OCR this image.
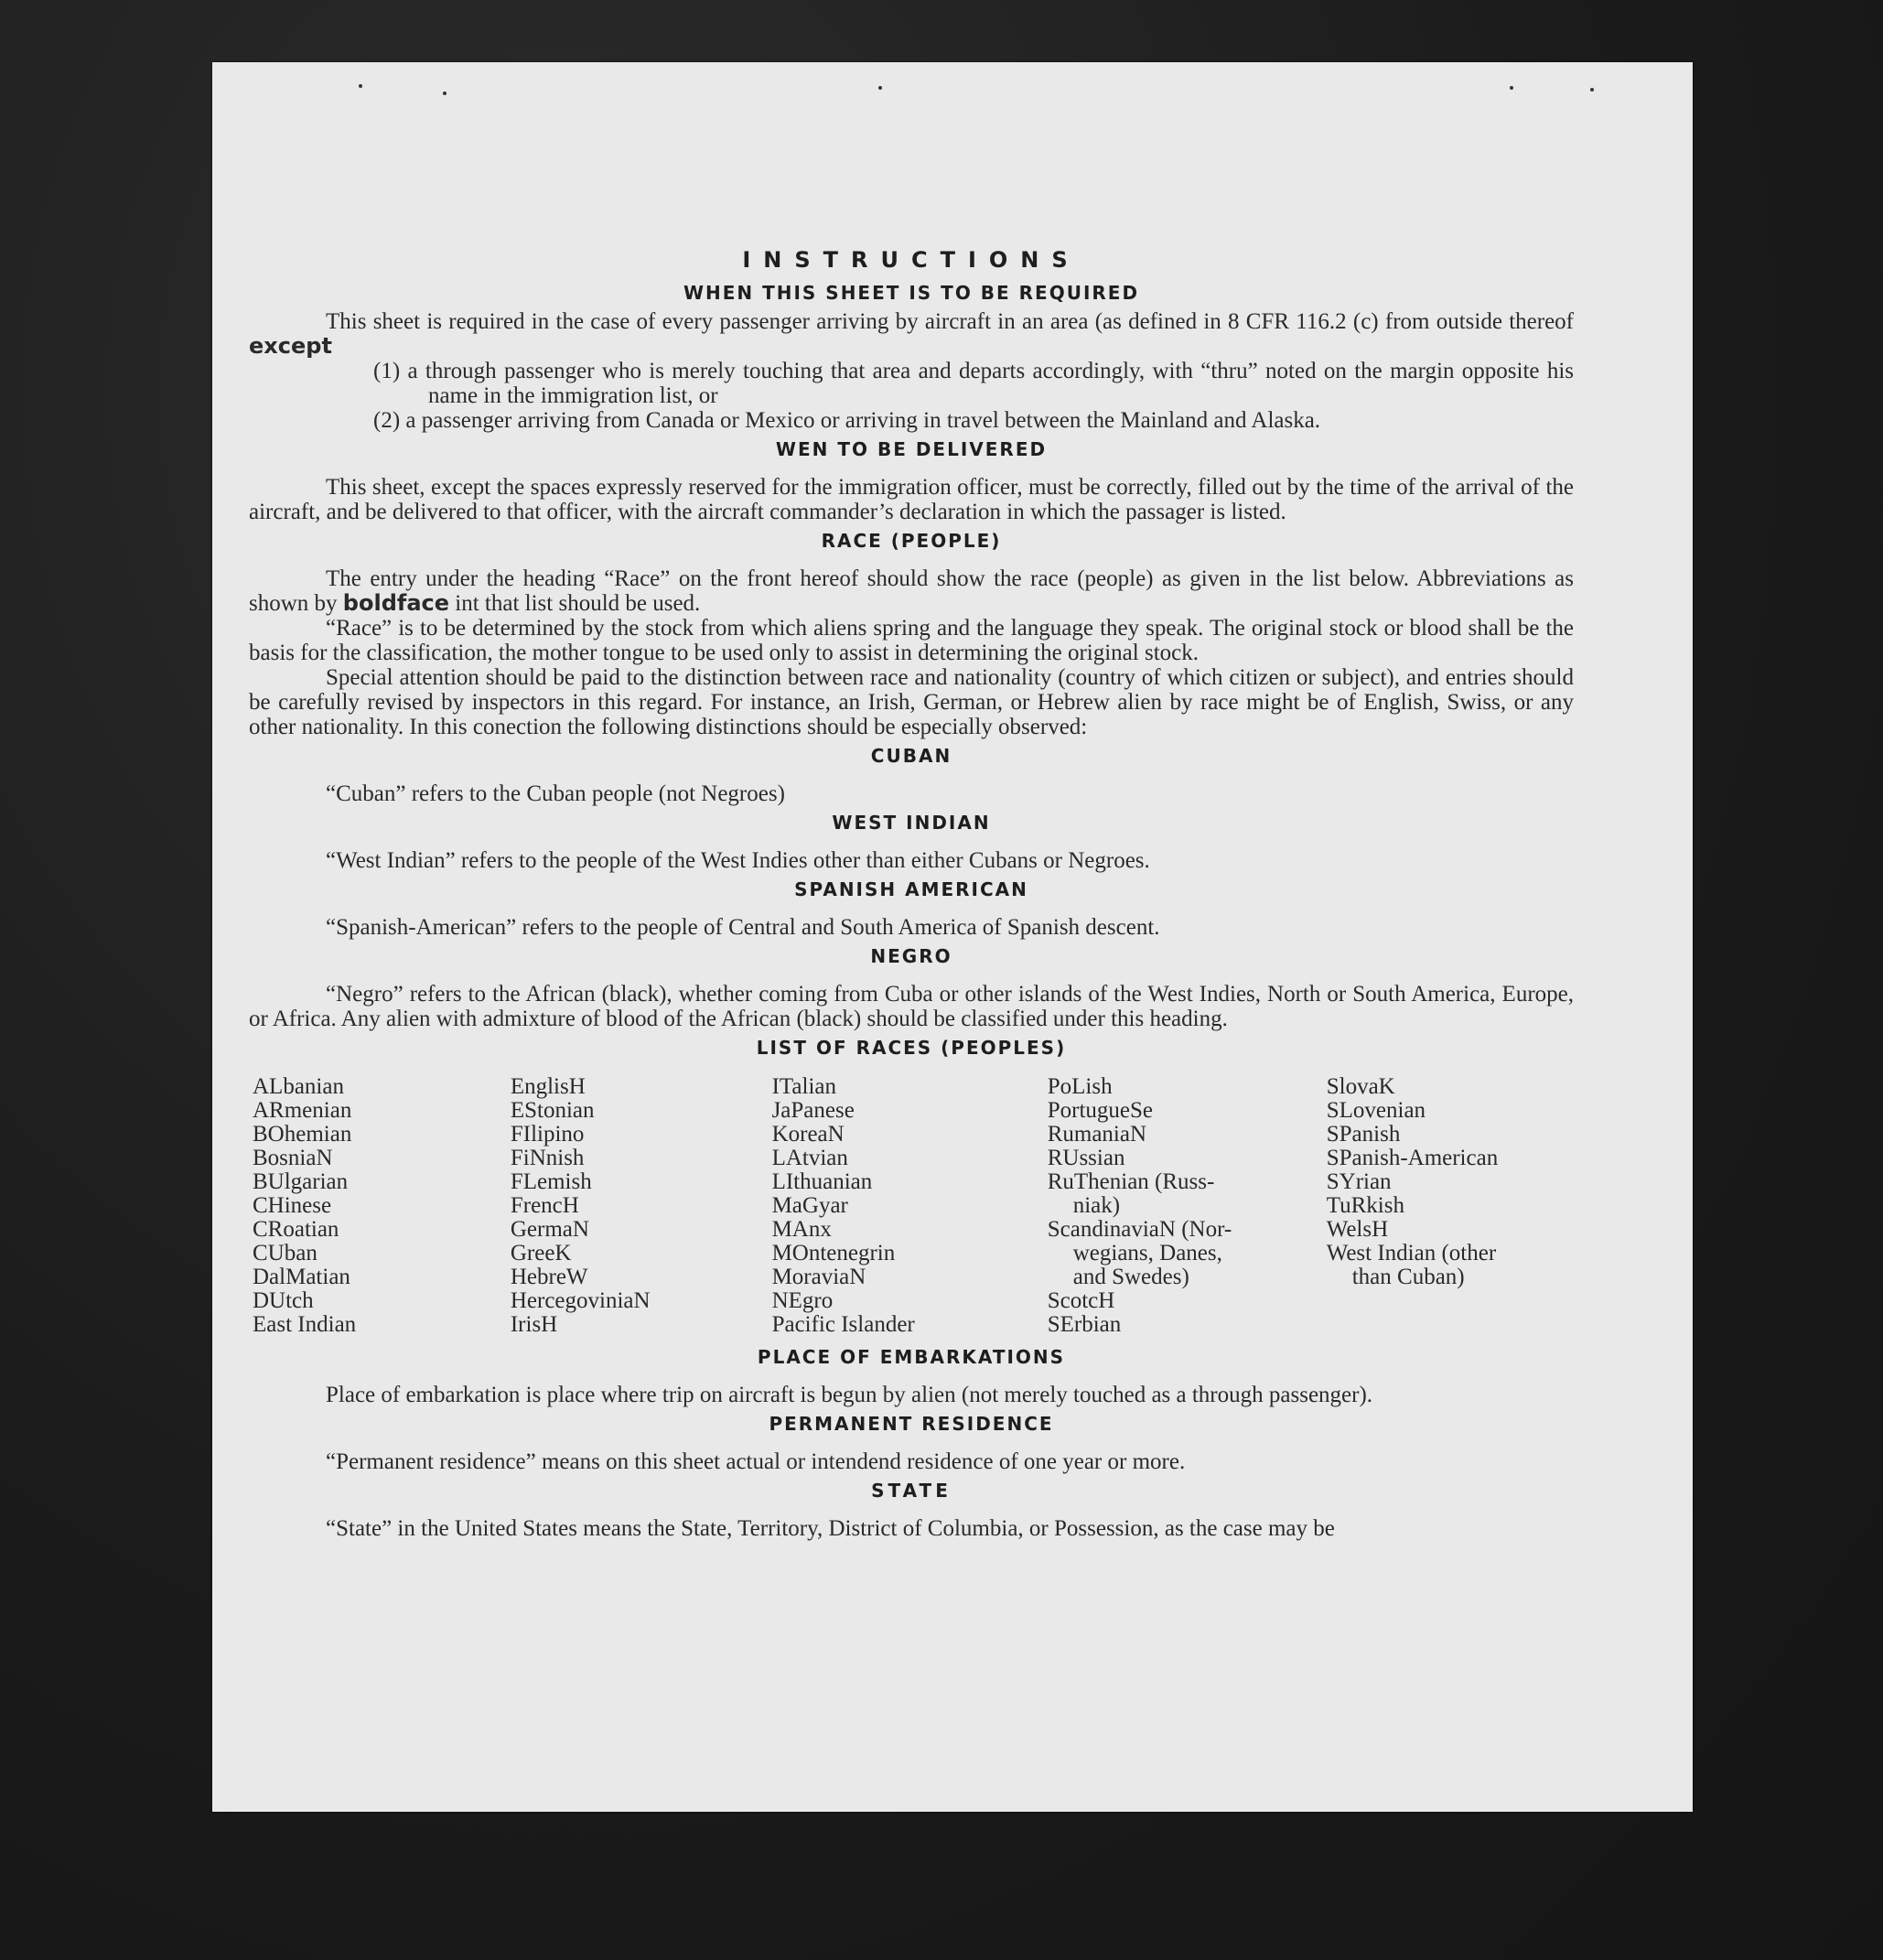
INSTRUCTIONS
WHEN THIS SHEET IS TO BE REQUIRED

This sheet is required in the case of every passenger arriving by aircraft in an area (as defined in 8 CFR 116.2 (c) from outside thereof except

(1) a through passenger who is merely touching that area and departs accordingly, with “thru” noted on the margin opposite his name in the immigration list, or

(2) a passenger arriving from Canada or Mexico or arriving in travel between the Mainland and Alaska.

WEN TO BE DELIVERED

This sheet, except the spaces expressly reserved for the immigration officer, must be correctly, filled out by the time of the arrival of the aircraft, and be delivered to that officer, with the aircraft commander’s declaration in which the passager is listed.

RACE (PEOPLE)

The entry under the heading “Race” on the front hereof should show the race (people) as given in the list below. Abbreviations as shown by boldface int that list should be used.

“Race” is to be determined by the stock from which aliens spring and the language they speak. The original stock or blood shall be the basis for the classification, the mother tongue to be used only to assist in determining the original stock.

Special attention should be paid to the distinction between race and nationality (country of which citizen or subject), and entries should be carefully revised by inspectors in this regard. For instance, an Irish, German, or Hebrew alien by race might be of English, Swiss, or any other nationality. In this conection the following distinctions should be especially observed:

CUBAN

“Cuban” refers to the Cuban people (not Negroes)

WEST INDIAN

“West Indian” refers to the people of the West Indies other than either Cubans or Negroes.

SPANISH AMERICAN

“Spanish-American” refers to the people of Central and South America of Spanish descent.

NEGRO

“Negro” refers to the African (black), whether coming from Cuba or other islands of the West Indies, North or South America, Europe, or Africa. Any alien with admixture of blood of the African (black) should be classified under this heading.

LIST OF RACES (PEOPLES)
ALbanian
ARmenian
BOhemian
BosniaN
BUlgarian
CHinese
CRoatian
CUban
DalMatian
DUtch
East Indian
EnglisH
EStonian
FIlipino
FiNnish
FLemish
FrencH
GermaN
GreeK
HebreW
HercegoviniaN
IrisH
ITalian
JaPanese
KoreaN
LAtvian
LIthuanian
MaGyar
MAnx
MOntenegrin
MoraviaN
NEgro
Pacific Islander
PoLish
PortugueSe
RumaniaN
RUssian
RuThenian (Russ-
niak)
ScandinaviaN (Nor-
wegians, Danes,
and Swedes)
ScotcH
SErbian
SlovaK
SLovenian
SPanish
SPanish-American
SYrian
TuRkish
WelsH
West Indian (other
than Cuban)
PLACE OF EMBARKATIONS

Place of embarkation is place where trip on aircraft is begun by alien (not merely touched as a through passenger).

PERMANENT RESIDENCE

“Permanent residence” means on this sheet actual or intendend residence of one year or more.

STATE

“State” in the United States means the State, Territory, District of Columbia, or Possession, as the case may be
